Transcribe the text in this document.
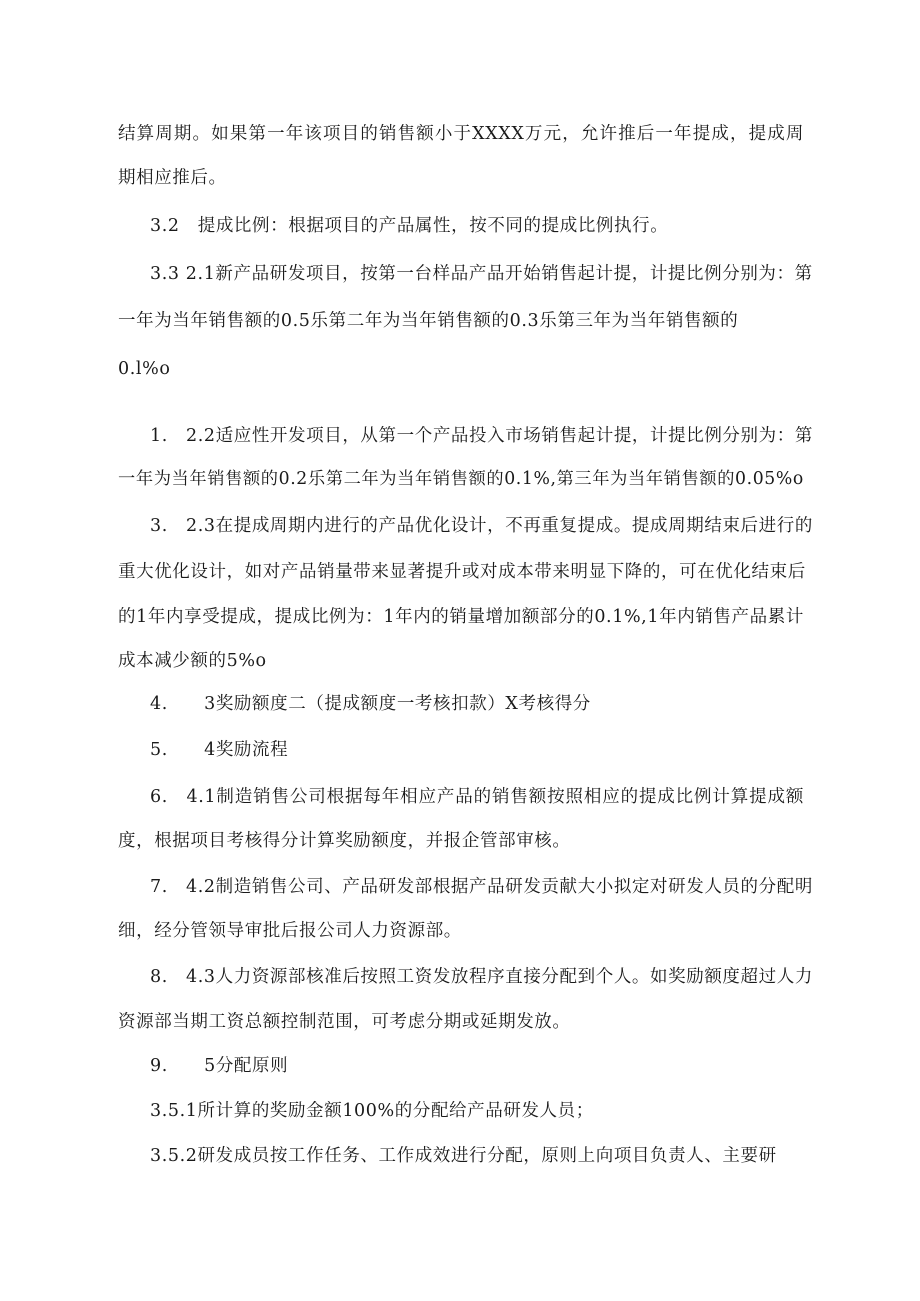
结算周期。如果第一年该项目的销售额小于XXXX万元，允许推后一年提成，提成周

期相应推后。

3.2　提成比例：根据项目的产品属性，按不同的提成比例执行。

3.3 2.1新产品研发项目，按第一台样品产品开始销售起计提，计提比例分别为：第

一年为当年销售额的0.5乐第二年为当年销售额的0.3乐第三年为当年销售额的

0.l%o

1.　2.2适应性开发项目，从第一个产品投入市场销售起计提，计提比例分别为：第

一年为当年销售额的0.2乐第二年为当年销售额的0.1%,第三年为当年销售额的0.05%o

3.　2.3在提成周期内进行的产品优化设计，不再重复提成。提成周期结束后进行的

重大优化设计，如对产品销量带来显著提升或对成本带来明显下降的，可在优化结束后

的1年内享受提成，提成比例为：1年内的销量增加额部分的0.1%,1年内销售产品累计

成本减少额的5%o

4.　　3奖励额度二（提成额度一考核扣款）X考核得分

5.　　4奖励流程

6.　4.1制造销售公司根据每年相应产品的销售额按照相应的提成比例计算提成额

度，根据项目考核得分计算奖励额度，并报企管部审核。

7.　4.2制造销售公司、产品研发部根据产品研发贡献大小拟定对研发人员的分配明

细，经分管领导审批后报公司人力资源部。

8.　4.3人力资源部核准后按照工资发放程序直接分配到个人。如奖励额度超过人力

资源部当期工资总额控制范围，可考虑分期或延期发放。

9.　　5分配原则

3.5.1所计算的奖励金额100%的分配给产品研发人员；

3.5.2研发成员按工作任务、工作成效进行分配，原则上向项目负责人、主要研
